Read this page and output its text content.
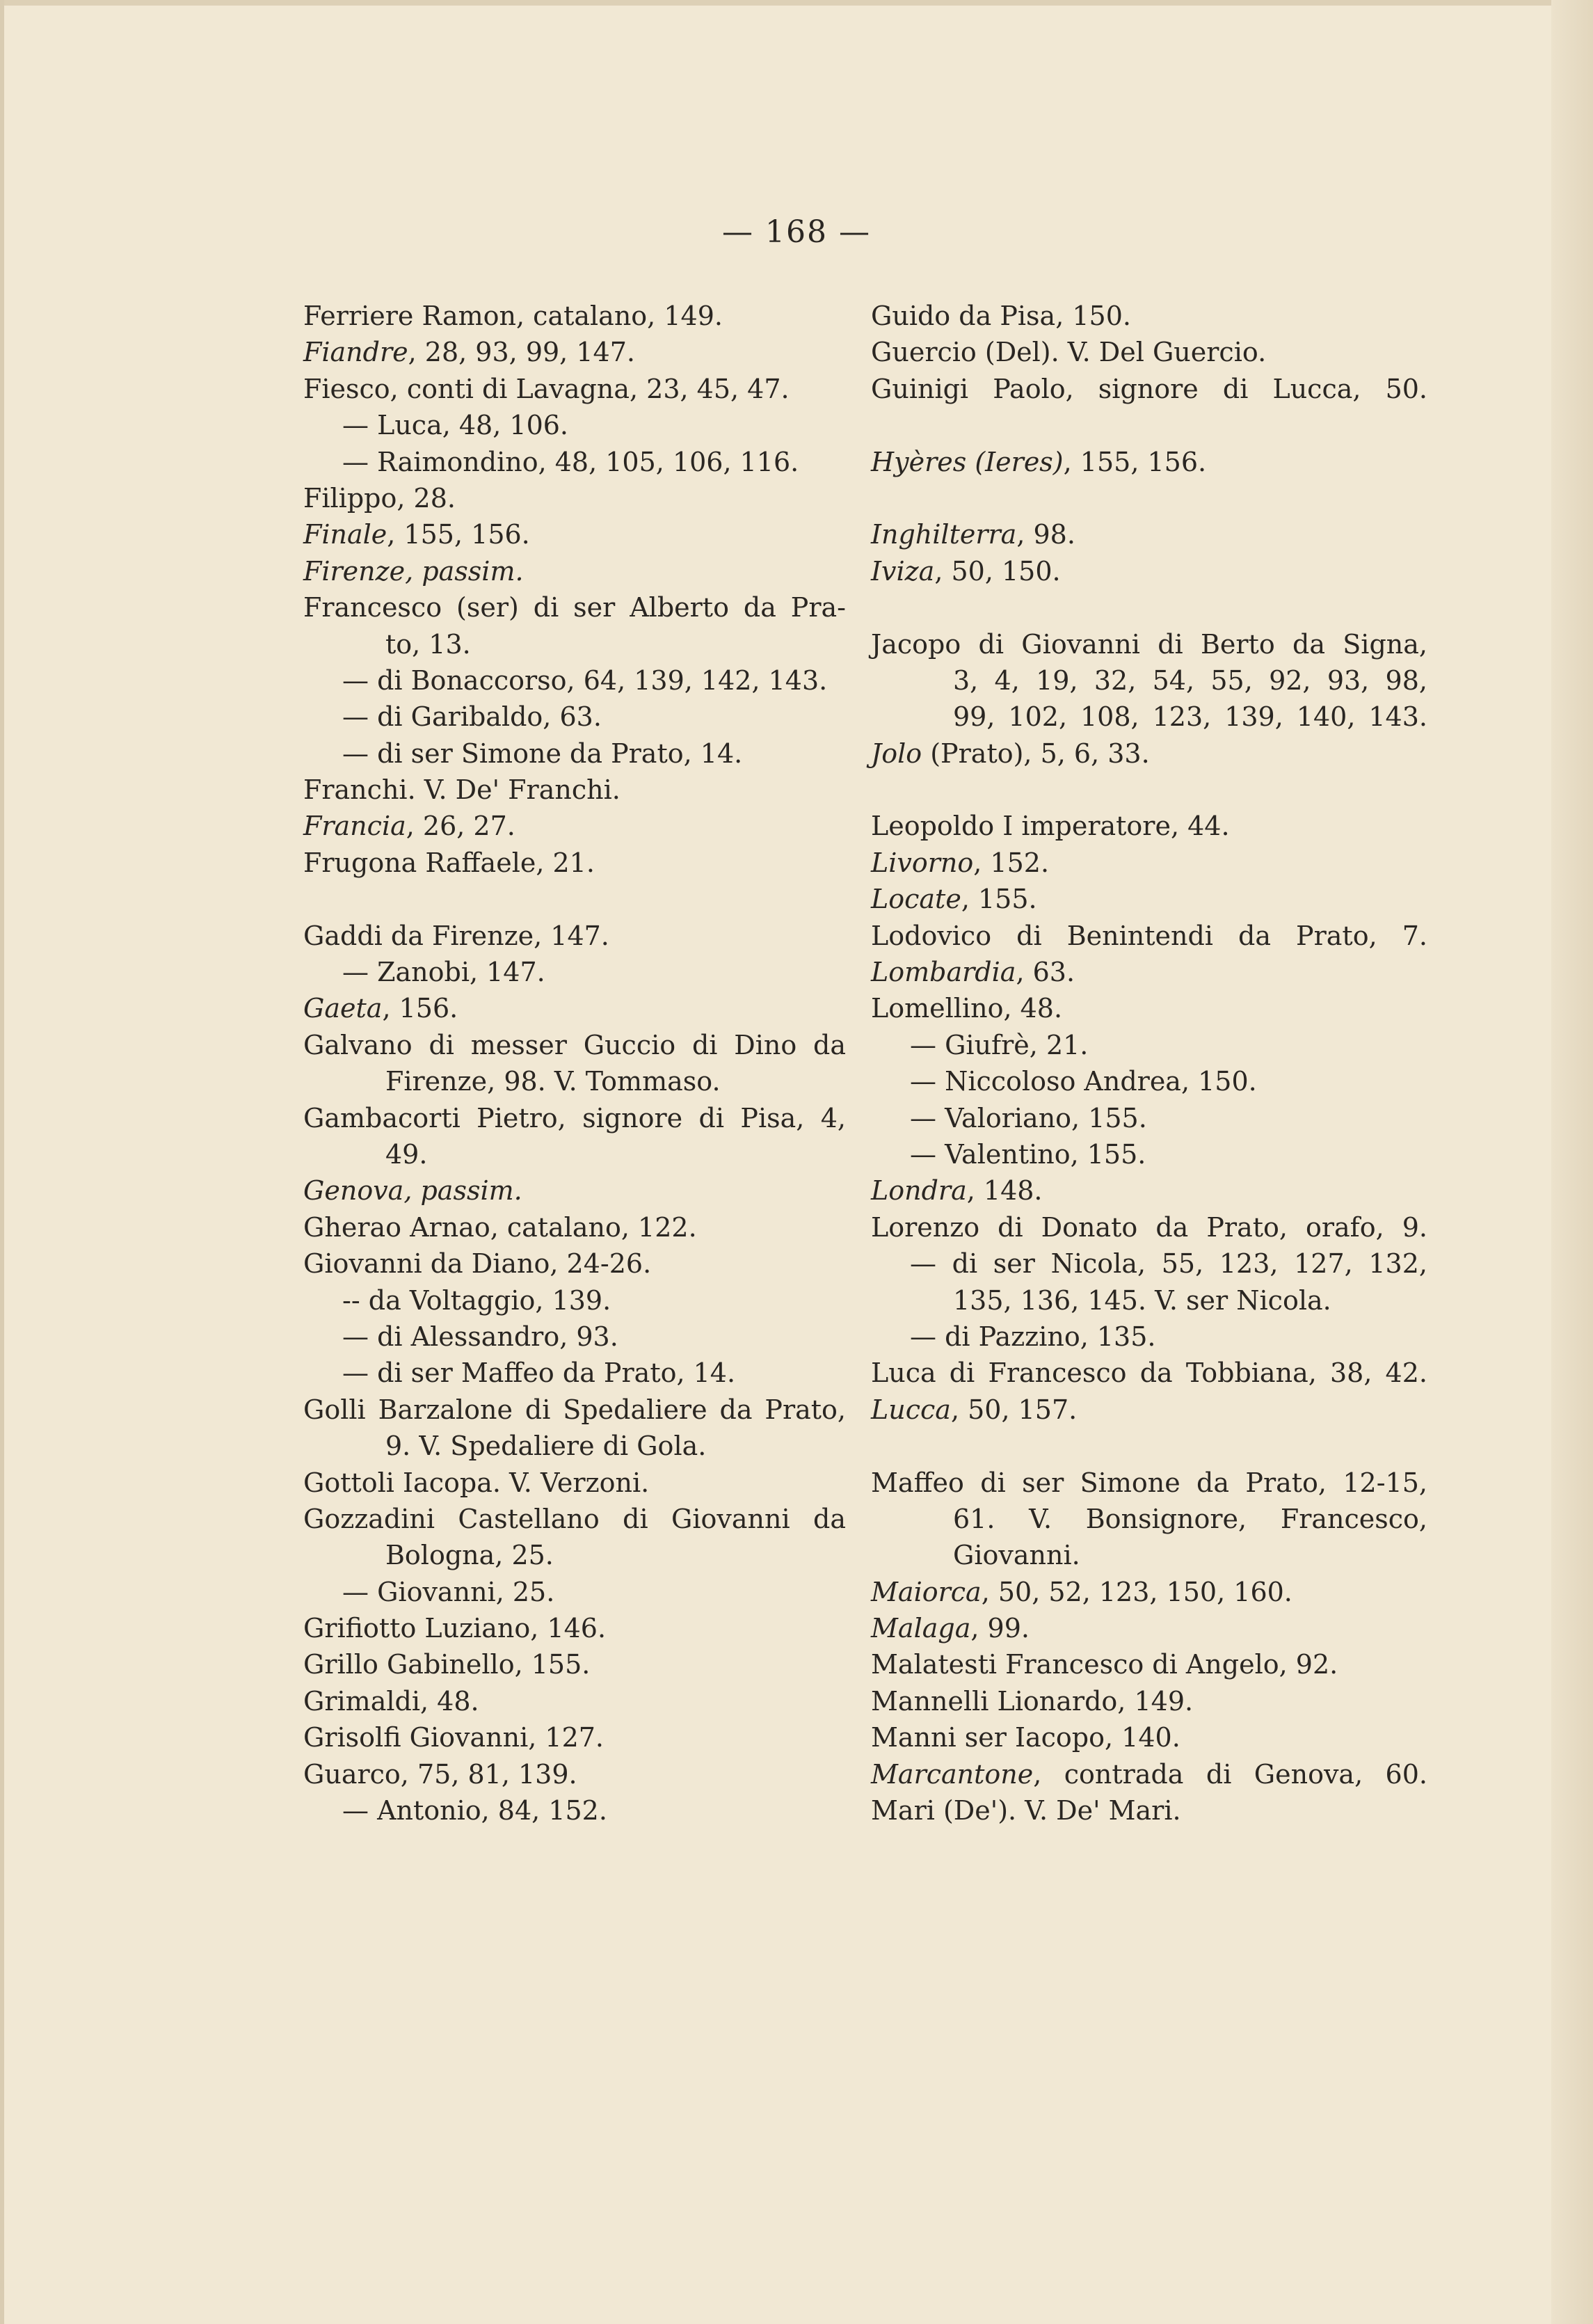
— 168 —
Ferriere Ramon, catalano, 149.
Fiandre, 28, 93, 99, 147.
Fiesco, conti di Lavagna, 23, 45, 47.
— Luca, 48, 106.
— Raimondino, 48, 105, 106, 116.
Filippo, 28.
Finale, 155, 156.
Firenze, passim.
Francesco (ser) di ser Alberto da Pra-
to, 13.
— di Bonaccorso, 64, 139, 142, 143.
— di Garibaldo, 63.
— di ser Simone da Prato, 14.
Franchi. V. De' Franchi.
Francia, 26, 27.
Frugona Raffaele, 21.
Gaddi da Firenze, 147.
— Zanobi, 147.
Gaeta, 156.
Galvano di messer Guccio di Dino da
Firenze, 98. V. Tommaso.
Gambacorti Pietro, signore di Pisa, 4,
49.
Genova, passim.
Gherao Arnao, catalano, 122.
Giovanni da Diano, 24-26.
-- da Voltaggio, 139.
— di Alessandro, 93.
— di ser Maffeo da Prato, 14.
Golli Barzalone di Spedaliere da Prato,
9. V. Spedaliere di Gola.
Gottoli Iacopa. V. Verzoni.
Gozzadini Castellano di Giovanni da
Bologna, 25.
— Giovanni, 25.
Grifiotto Luziano, 146.
Grillo Gabinello, 155.
Grimaldi, 48.
Grisolfi Giovanni, 127.
Guarco, 75, 81, 139.
— Antonio, 84, 152.
Guido da Pisa, 150.
Guercio (Del). V. Del Guercio.
Guinigi Paolo, signore di Lucca, 50.
Hyères (Ieres), 155, 156.
Inghilterra, 98.
Iviza, 50, 150.
Jacopo di Giovanni di Berto da Signa,
3, 4, 19, 32, 54, 55, 92, 93, 98,
99, 102, 108, 123, 139, 140, 143.
Jolo (Prato), 5, 6, 33.
Leopoldo I imperatore, 44.
Livorno, 152.
Locate, 155.
Lodovico di Benintendi da Prato, 7.
Lombardia, 63.
Lomellino, 48.
— Giufrè, 21.
— Niccoloso Andrea, 150.
— Valoriano, 155.
— Valentino, 155.
Londra, 148.
Lorenzo di Donato da Prato, orafo, 9.
— di ser Nicola, 55, 123, 127, 132,
135, 136, 145. V. ser Nicola.
— di Pazzino, 135.
Luca di Francesco da Tobbiana, 38, 42.
Lucca, 50, 157.
Maffeo di ser Simone da Prato, 12-15,
61. V. Bonsignore, Francesco,
Giovanni.
Maiorca, 50, 52, 123, 150, 160.
Malaga, 99.
Malatesti Francesco di Angelo, 92.
Mannelli Lionardo, 149.
Manni ser Iacopo, 140.
Marcantone, contrada di Genova, 60.
Mari (De'). V. De' Mari.
